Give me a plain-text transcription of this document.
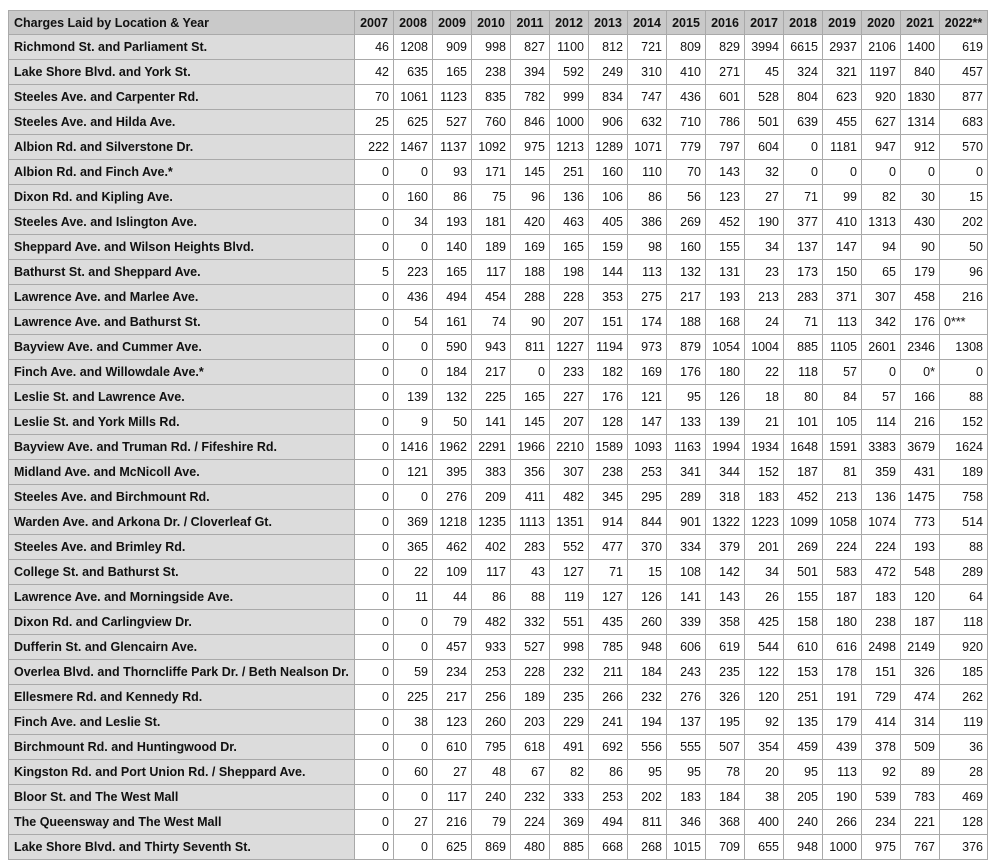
Charges Laid by Location & Year	2007	2008	2009	2010	2011	2012	2013	2014	2015	2016	2017	2018	2019	2020	2021	2022**
Richmond St. and Parliament St.	46	1208	909	998	827	1100	812	721	809	829	3994	6615	2937	2106	1400	619
Lake Shore Blvd. and York St.	42	635	165	238	394	592	249	310	410	271	45	324	321	1197	840	457
Steeles Ave. and Carpenter Rd.	70	1061	1123	835	782	999	834	747	436	601	528	804	623	920	1830	877
Steeles Ave. and Hilda Ave.	25	625	527	760	846	1000	906	632	710	786	501	639	455	627	1314	683
Albion Rd. and Silverstone Dr.	222	1467	1137	1092	975	1213	1289	1071	779	797	604	0	1181	947	912	570
Albion Rd. and Finch Ave.*	0	0	93	171	145	251	160	110	70	143	32	0	0	0	0	0
Dixon Rd. and Kipling Ave.	0	160	86	75	96	136	106	86	56	123	27	71	99	82	30	15
Steeles Ave. and Islington Ave.	0	34	193	181	420	463	405	386	269	452	190	377	410	1313	430	202
Sheppard Ave. and Wilson Heights Blvd.	0	0	140	189	169	165	159	98	160	155	34	137	147	94	90	50
Bathurst St. and Sheppard Ave.	5	223	165	117	188	198	144	113	132	131	23	173	150	65	179	96
Lawrence Ave. and Marlee Ave.	0	436	494	454	288	228	353	275	217	193	213	283	371	307	458	216
Lawrence Ave. and Bathurst St.	0	54	161	74	90	207	151	174	188	168	24	71	113	342	176	0***
Bayview Ave. and Cummer Ave.	0	0	590	943	811	1227	1194	973	879	1054	1004	885	1105	2601	2346	1308
Finch Ave. and Willowdale Ave.*	0	0	184	217	0	233	182	169	176	180	22	118	57	0	0*	0
Leslie St. and Lawrence Ave.	0	139	132	225	165	227	176	121	95	126	18	80	84	57	166	88
Leslie St. and York Mills Rd.	0	9	50	141	145	207	128	147	133	139	21	101	105	114	216	152
Bayview Ave. and Truman Rd. / Fifeshire Rd.	0	1416	1962	2291	1966	2210	1589	1093	1163	1994	1934	1648	1591	3383	3679	1624
Midland Ave. and McNicoll Ave.	0	121	395	383	356	307	238	253	341	344	152	187	81	359	431	189
Steeles Ave. and Birchmount Rd.	0	0	276	209	411	482	345	295	289	318	183	452	213	136	1475	758
Warden Ave. and Arkona Dr. / Cloverleaf Gt.	0	369	1218	1235	1113	1351	914	844	901	1322	1223	1099	1058	1074	773	514
Steeles Ave. and Brimley Rd.	0	365	462	402	283	552	477	370	334	379	201	269	224	224	193	88
College St. and Bathurst St.	0	22	109	117	43	127	71	15	108	142	34	501	583	472	548	289
Lawrence Ave. and Morningside Ave.	0	11	44	86	88	119	127	126	141	143	26	155	187	183	120	64
Dixon Rd. and Carlingview Dr.	0	0	79	482	332	551	435	260	339	358	425	158	180	238	187	118
Dufferin St. and Glencairn Ave.	0	0	457	933	527	998	785	948	606	619	544	610	616	2498	2149	920
Overlea Blvd. and Thorncliffe Park Dr. / Beth Nealson Dr.	0	59	234	253	228	232	211	184	243	235	122	153	178	151	326	185
Ellesmere Rd. and Kennedy Rd.	0	225	217	256	189	235	266	232	276	326	120	251	191	729	474	262
Finch Ave. and Leslie St.	0	38	123	260	203	229	241	194	137	195	92	135	179	414	314	119
Birchmount Rd. and Huntingwood Dr.	0	0	610	795	618	491	692	556	555	507	354	459	439	378	509	36
Kingston Rd. and Port Union Rd. / Sheppard Ave.	0	60	27	48	67	82	86	95	95	78	20	95	113	92	89	28
Bloor St. and The West Mall	0	0	117	240	232	333	253	202	183	184	38	205	190	539	783	469
The Queensway and The West Mall	0	27	216	79	224	369	494	811	346	368	400	240	266	234	221	128
Lake Shore Blvd. and Thirty Seventh St.	0	0	625	869	480	885	668	268	1015	709	655	948	1000	975	767	376
